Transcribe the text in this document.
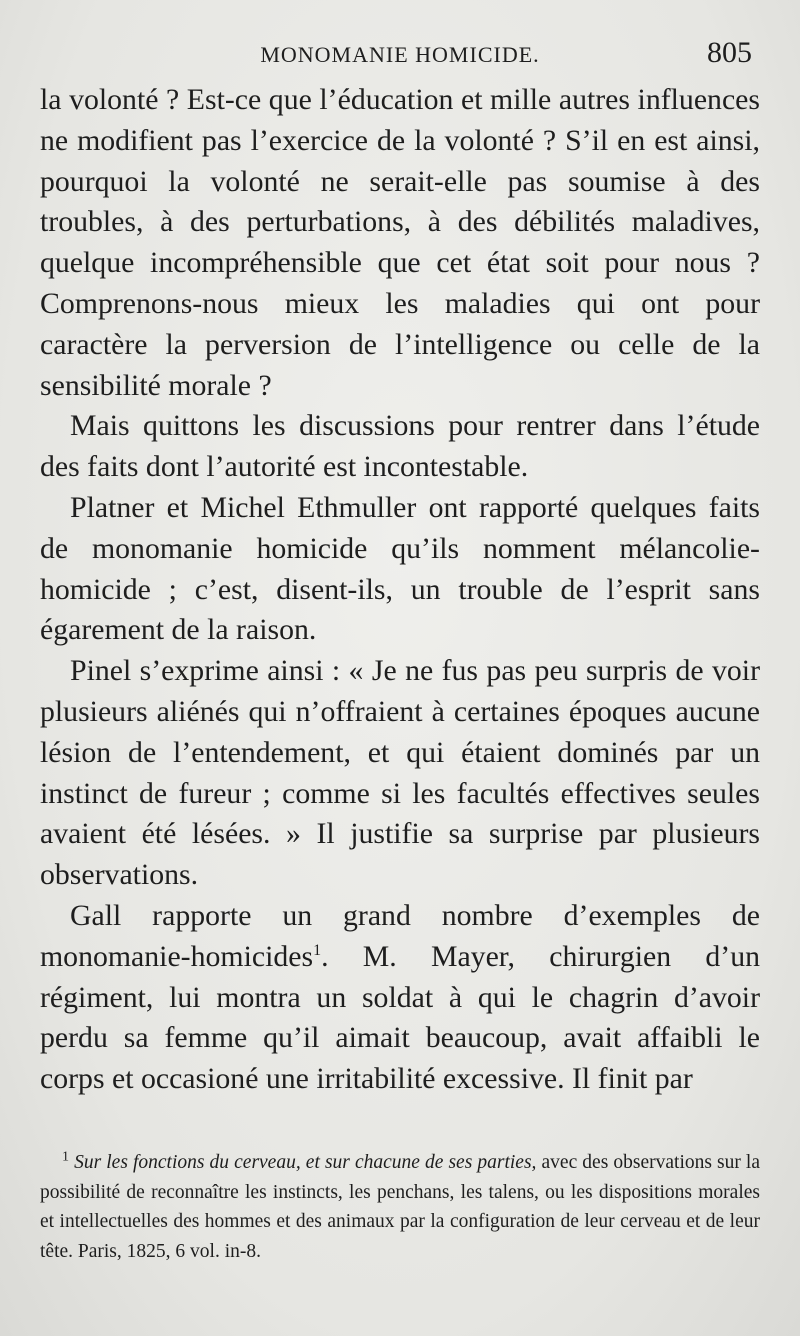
MONOMANIE HOMICIDE.	805

la volonté ? Est-ce que l’éducation et mille autres influences ne modifient pas l’exercice de la volonté ? S’il en est ainsi, pourquoi la volonté ne serait-elle pas soumise à des troubles, à des perturbations, à des débilités maladives, quelque incompréhensible que cet état soit pour nous ? Comprenons-nous mieux les maladies qui ont pour caractère la perversion de l’intelligence ou celle de la sensibilité morale ?

Mais quittons les discussions pour rentrer dans l’étude des faits dont l’autorité est incontestable.

Platner et Michel Ethmuller ont rapporté quelques faits de monomanie homicide qu’ils nomment mélancolie-homicide ; c’est, disent-ils, un trouble de l’esprit sans égarement de la raison.

Pinel s’exprime ainsi : « Je ne fus pas peu surpris de voir plusieurs aliénés qui n’offraient à certaines époques aucune lésion de l’entendement, et qui étaient dominés par un instinct de fureur ; comme si les facultés effectives seules avaient été lésées. » Il justifie sa surprise par plusieurs observations.

Gall rapporte un grand nombre d’exemples de monomanie-homicides$^1$. M. Mayer, chirurgien d’un régiment, lui montra un soldat à qui le chagrin d’avoir perdu sa femme qu’il aimait beaucoup, avait affaibli le corps et occasioné une irritabilité excessive. Il finit par

$^1$ Sur les fonctions du cerveau, et sur chacune de ses parties, avec des observations sur la possibilité de reconnaître les instincts, les penchans, les talens, ou les dispositions morales et intellectuelles des hommes et des animaux par la configuration de leur cerveau et de leur tête. Paris, 1825, 6 vol. in-8.
